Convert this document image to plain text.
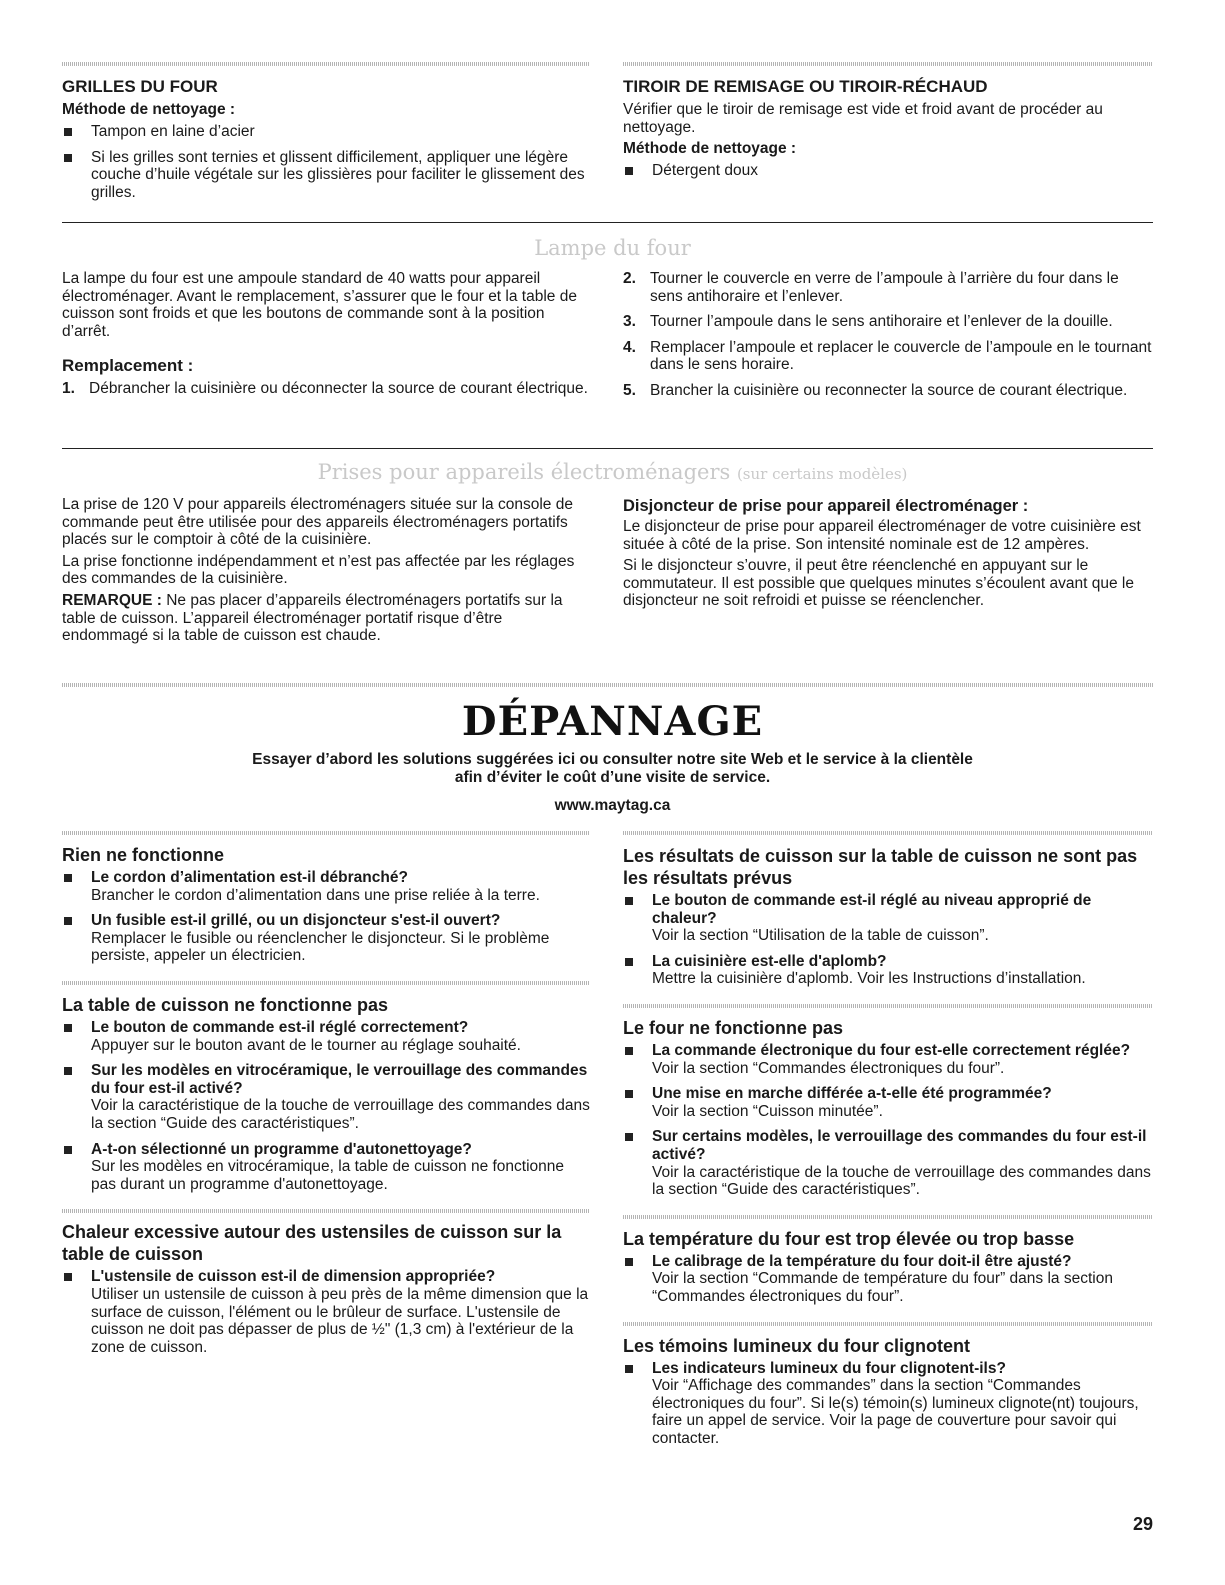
GRILLES DU FOUR
Méthode de nettoyage :
Tampon en laine d’acier
Si les grilles sont ternies et glissent difficilement, appliquer une légère couche d’huile végétale sur les glissières pour faciliter le glissement des grilles.
TIROIR DE REMISAGE OU TIROIR-RÉCHAUD

Vérifier que le tiroir de remisage est vide et froid avant de procéder au nettoyage.

Méthode de nettoyage :
Détergent doux
Lampe du four

La lampe du four est une ampoule standard de 40 watts pour appareil électroménager. Avant le remplacement, s’assurer que le four et la table de cuisson sont froids et que les boutons de commande sont à la position d’arrêt.

Remplacement :
1. Débrancher la cuisinière ou déconnecter la source de courant électrique.
2. Tourner le couvercle en verre de l’ampoule à l’arrière du four dans le sens antihoraire et l’enlever.
3. Tourner l’ampoule dans le sens antihoraire et l’enlever de la douille.
4. Remplacer l’ampoule et replacer le couvercle de l’ampoule en le tournant dans le sens horaire.
5. Brancher la cuisinière ou reconnecter la source de courant électrique.
Prises pour appareils électroménagers (sur certains modèles)

La prise de 120 V pour appareils électroménagers située sur la console de commande peut être utilisée pour des appareils électroménagers portatifs placés sur le comptoir à côté de la cuisinière.

La prise fonctionne indépendamment et n’est pas affectée par les réglages des commandes de la cuisinière.

REMARQUE : Ne pas placer d’appareils électroménagers portatifs sur la table de cuisson. L’appareil électroménager portatif risque d’être endommagé si la table de cuisson est chaude.

Disjoncteur de prise pour appareil électroménager :

Le disjoncteur de prise pour appareil électroménager de votre cuisinière est située à côté de la prise. Son intensité nominale est de 12 ampères.

Si le disjoncteur s’ouvre, il peut être réenclenché en appuyant sur le commutateur. Il est possible que quelques minutes s’écoulent avant que le disjoncteur ne soit refroidi et puisse se réenclencher.

DÉPANNAGE
Essayer d’abord les solutions suggérées ici ou consulter notre site Web et le service à la clientèle
afin d’éviter le coût d’une visite de service.
www.maytag.ca
Rien ne fonctionne
Le cordon d’alimentation est-il débranché?
Brancher le cordon d’alimentation dans une prise reliée à la terre.
Un fusible est-il grillé, ou un disjoncteur s'est-il ouvert?
Remplacer le fusible ou réenclencher le disjoncteur. Si le problème persiste, appeler un électricien.
La table de cuisson ne fonctionne pas
Le bouton de commande est-il réglé correctement?
Appuyer sur le bouton avant de le tourner au réglage souhaité.
Sur les modèles en vitrocéramique, le verrouillage des commandes du four est-il activé?
Voir la caractéristique de la touche de verrouillage des commandes dans la section “Guide des caractéristiques”.
A-t-on sélectionné un programme d'autonettoyage?
Sur les modèles en vitrocéramique, la table de cuisson ne fonctionne pas durant un programme d'autonettoyage.
Chaleur excessive autour des ustensiles de cuisson sur la table de cuisson
L'ustensile de cuisson est-il de dimension appropriée?
Utiliser un ustensile de cuisson à peu près de la même dimension que la surface de cuisson, l'élément ou le brûleur de surface. L'ustensile de cuisson ne doit pas dépasser de plus de ½" (1,3 cm) à l'extérieur de la zone de cuisson.
Les résultats de cuisson sur la table de cuisson ne sont pas les résultats prévus
Le bouton de commande est-il réglé au niveau approprié de chaleur?
Voir la section “Utilisation de la table de cuisson”.
La cuisinière est-elle d'aplomb?
Mettre la cuisinière d'aplomb. Voir les Instructions d’installation.
Le four ne fonctionne pas
La commande électronique du four est-elle correctement réglée?
Voir la section “Commandes électroniques du four”.
Une mise en marche différée a-t-elle été programmée?
Voir la section “Cuisson minutée”.
Sur certains modèles, le verrouillage des commandes du four est-il activé?
Voir la caractéristique de la touche de verrouillage des commandes dans la section “Guide des caractéristiques”.
La température du four est trop élevée ou trop basse
Le calibrage de la température du four doit-il être ajusté?
Voir la section “Commande de température du four” dans la section “Commandes électroniques du four”.
Les témoins lumineux du four clignotent
Les indicateurs lumineux du four clignotent-ils?
Voir “Affichage des commandes” dans la section “Commandes électroniques du four”. Si le(s) témoin(s) lumineux clignote(nt) toujours, faire un appel de service. Voir la page de couverture pour savoir qui contacter.
29
